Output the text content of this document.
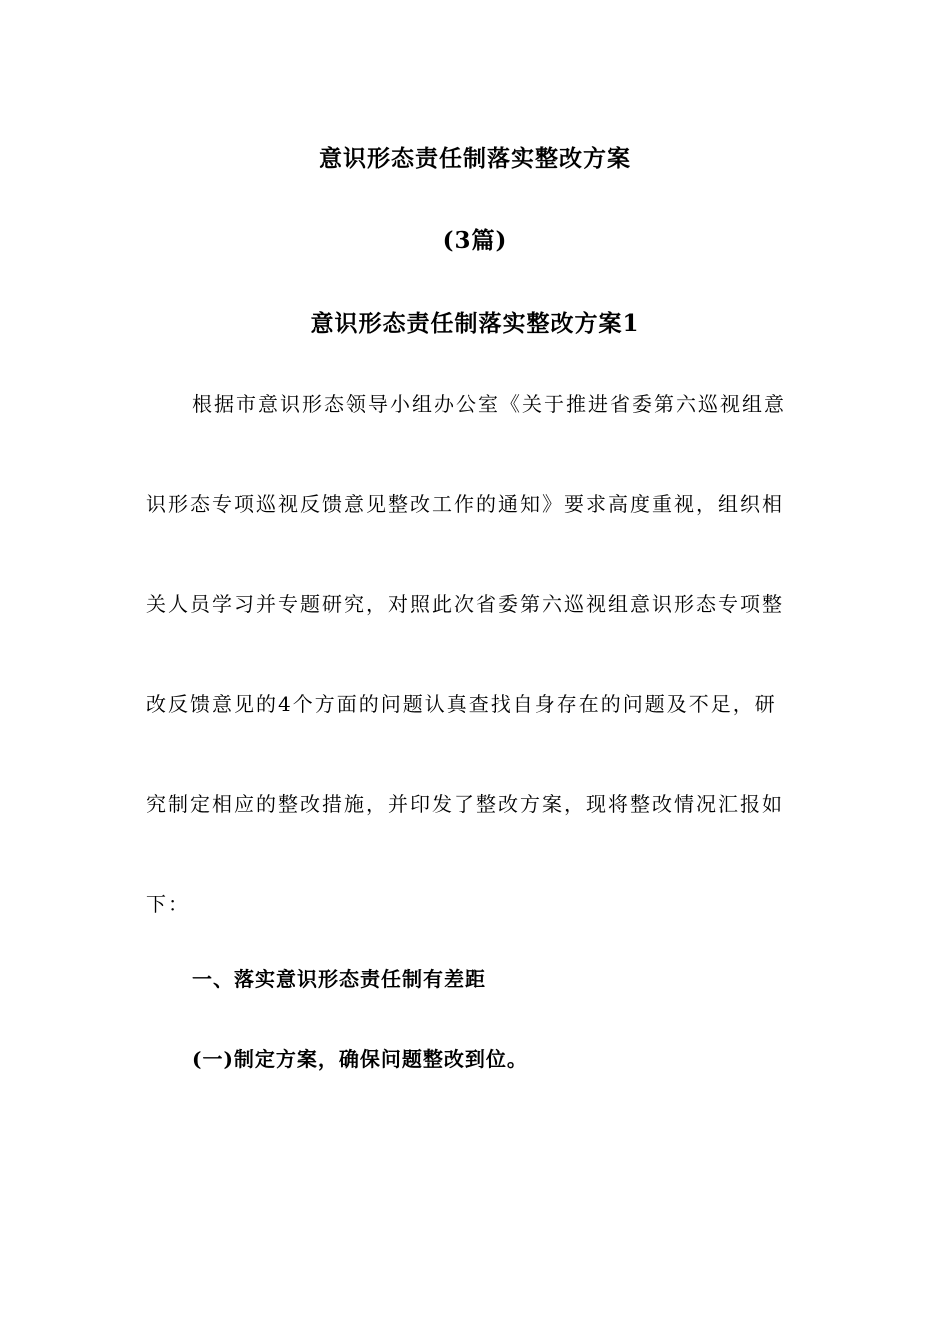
意识形态责任制落实整改方案
(3篇)
意识形态责任制落实整改方案1
根据市意识形态领导小组办公室《关于推进省委第六巡视组意
识形态专项巡视反馈意见整改工作的通知》要求高度重视，组织相
关人员学习并专题研究，对照此次省委第六巡视组意识形态专项整
改反馈意见的4个方面的问题认真查找自身存在的问题及不足，研
究制定相应的整改措施，并印发了整改方案，现将整改情况汇报如
下：
一、落实意识形态责任制有差距
(一)制定方案，确保问题整改到位。
